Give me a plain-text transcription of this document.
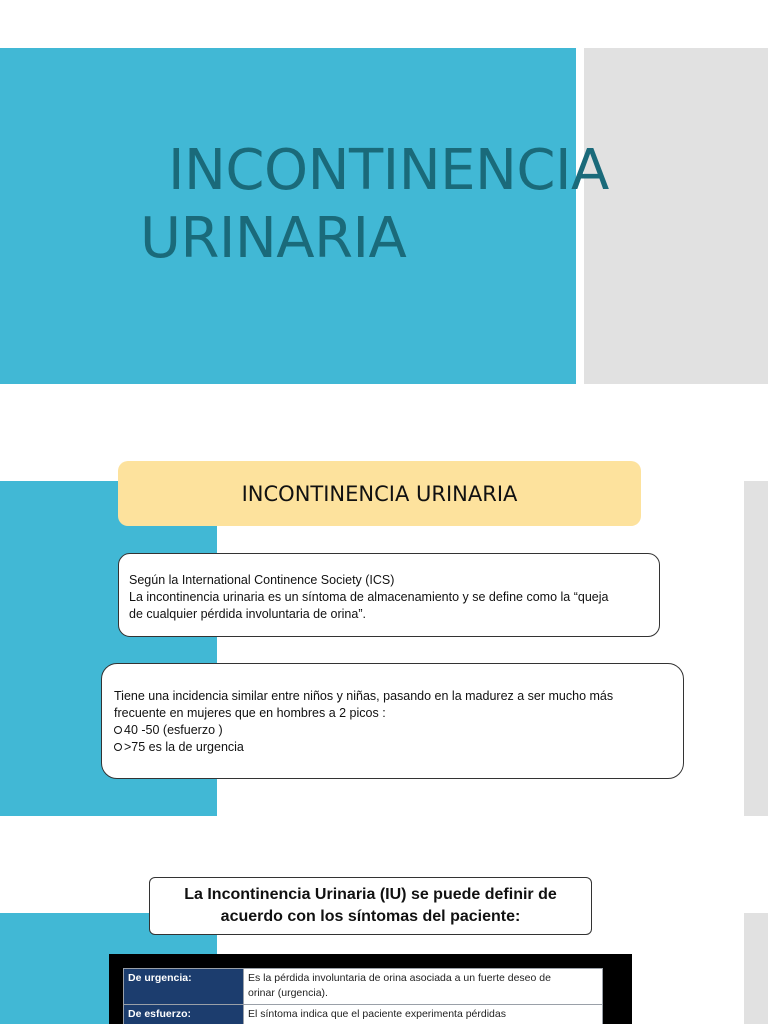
INCONTINENCIA
URINARIA
INCONTINENCIA URINARIA
Según la International Continence Society (ICS)
La incontinencia urinaria es un síntoma de almacenamiento y se define como la “queja
de cualquier pérdida involuntaria de orina”.
Tiene una incidencia similar entre niños y niñas, pasando en la madurez a ser mucho más
frecuente en mujeres que en hombres a 2 picos :
40 -50 (esfuerzo )
>75 es la de urgencia
La Incontinencia Urinaria (IU) se puede definir de
acuerdo con los síntomas del paciente:
De urgencia:	Es la pérdida involuntaria de orina asociada a un fuerte deseo de
orinar (urgencia).

De esfuerzo:	El síntoma indica que el paciente experimenta pérdidas
